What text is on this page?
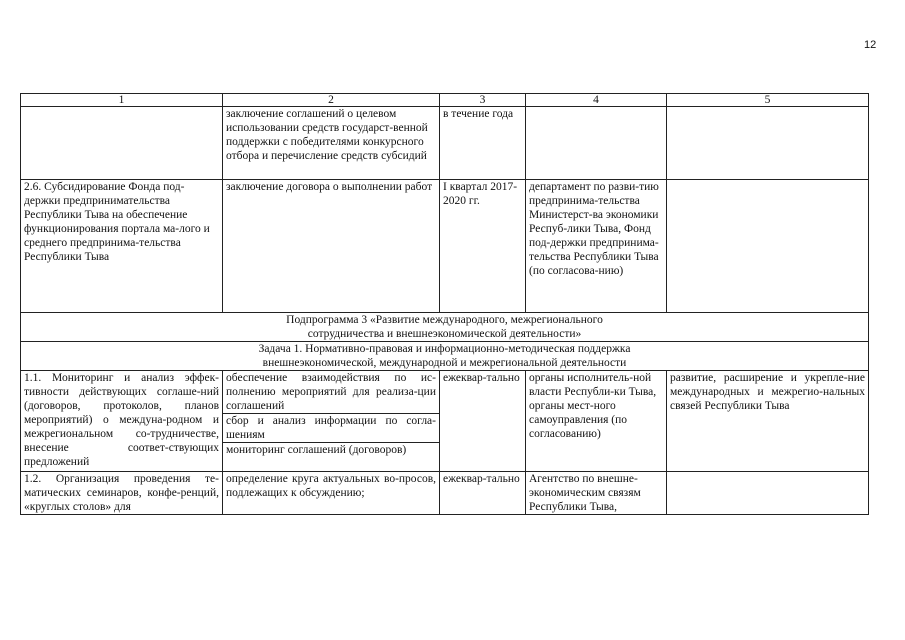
12
1	2	3	4	5
	заключение соглашений о целевом использовании средств государст-венной поддержки с победителями конкурсного отбора и перечисление средств субсидий	в течение года		
2.6. Субсидирование Фонда под-держки предпринимательства Республики Тыва на обеспечение функционирования портала ма-лого и среднего предпринима-тельства Республики Тыва	заключение договора о выполнении работ	I квартал 2017-2020 гг.	департамент по разви-тию предпринима-тельства Министерст-ва экономики Респуб-лики Тыва, Фонд под-держки предпринима-тельства Республики Тыва (по согласова-нию)	

Подпрограмма 3 «Развитие международного, межрегионального
сотрудничества и внешнеэкономической деятельности»				

Задача 1. Нормативно-правовая и информационно-методическая поддержка
внешнеэкономической, международной и межрегиональной деятельности				

1.1. Мониторинг и анализ эффек-тивности действующих соглаше-ний (договоров, протоколов, планов мероприятий) о междуна-родном и межрегиональном со-трудничестве, внесение соответ-ствующих предложений	обеспечение взаимодействия по ис-полнению мероприятий для реализа-ции соглашений	ежеквар-тально	органы исполнитель-ной власти Республи-ки Тыва, органы мест-ного самоуправления (по согласованию)	развитие, расширение и укрепле-ние международных и межрегио-нальных связей Республики Тыва
	сбор и анализ информации по согла-шениям			
	мониторинг соглашений (договоров)			
1.2. Организация проведения те-матических семинаров, конфе-ренций, «круглых столов» для	определение круга актуальных во-просов, подлежащих к обсуждению;	ежеквар-тально	Агентство по внешне-экономическим связям Республики Тыва,	
